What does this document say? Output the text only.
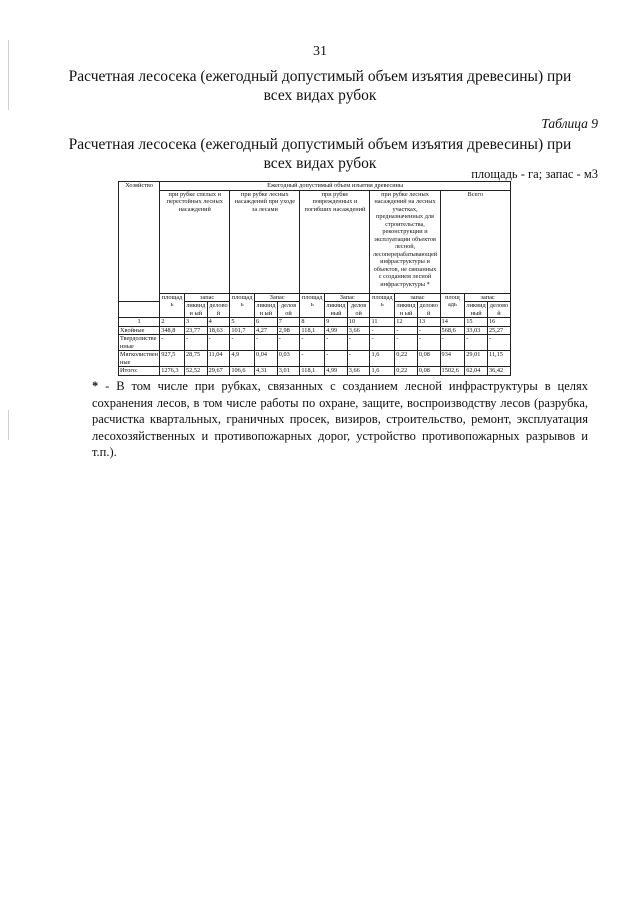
31
Расчетная лесосека (ежегодный допустимый объем изъятия древесины) при всех видах рубок
Таблица 9
Расчетная лесосека (ежегодный допустимый объем изъятия древесины) при всех видах рубок
площадь - га; запас - м3
Хозяйство	Ежегодный допустимый объем изъятия древесины														
	при рубке спелых и перестойных лесных насаждений			при рубке лесных насаждений при уходе за лесами			при рубке поврежденных и погибших насаждений			при рубке лесных насаждений на лесных участках, предназначенных для строительства, реконструкции и эксплуатации объектов лесной, лесоперерабатывающей инфраструктуры и объектов, не связанных с созданием лесной инфраструктуры *			Всего		
	площад ь	запас		площад ь	Запас		площад ь	Запас		площад ь	запас		площ адь	запас	
		ликвидн ый	деловой		ликвидн ый	делов ой		ликвидный	делов ой		ликвидн ый	деловой		ликвидный	деловой
1	2	3	4	5	6	7	8	9	10	11	12	13	14	15	16
Хвойные	348,8	23,77	18,63	101,7	4,27	2,98	118,1	4,99	3,66	-	-	-	568,6	33,03	25,27
Твердолиственные	-	-	-	-	-	-	-	-	-	-	-	-	-	-	-
Мягколиственные	927,5	28,75	11,04	4,9	0,04	0,03	-	-	-	1,6	0,22	0,08	934	29,01	11,15
Итого:	1276,3	52,52	29,67	106,6	4,31	3,01	118,1	4,99	3,66	1,6	0,22	0,08	1502,6	62,04	36,42
* - В том числе при рубках, связанных с созданием лесной инфраструктуры в целях сохранения лесов, в том числе работы по охране, защите, воспроизводству лесов (разрубка, расчистка квартальных, граничных просек, визиров, строительство, ремонт, эксплуатация лесохозяйственных и противопожарных дорог, устройство противопожарных разрывов и т.п.).
